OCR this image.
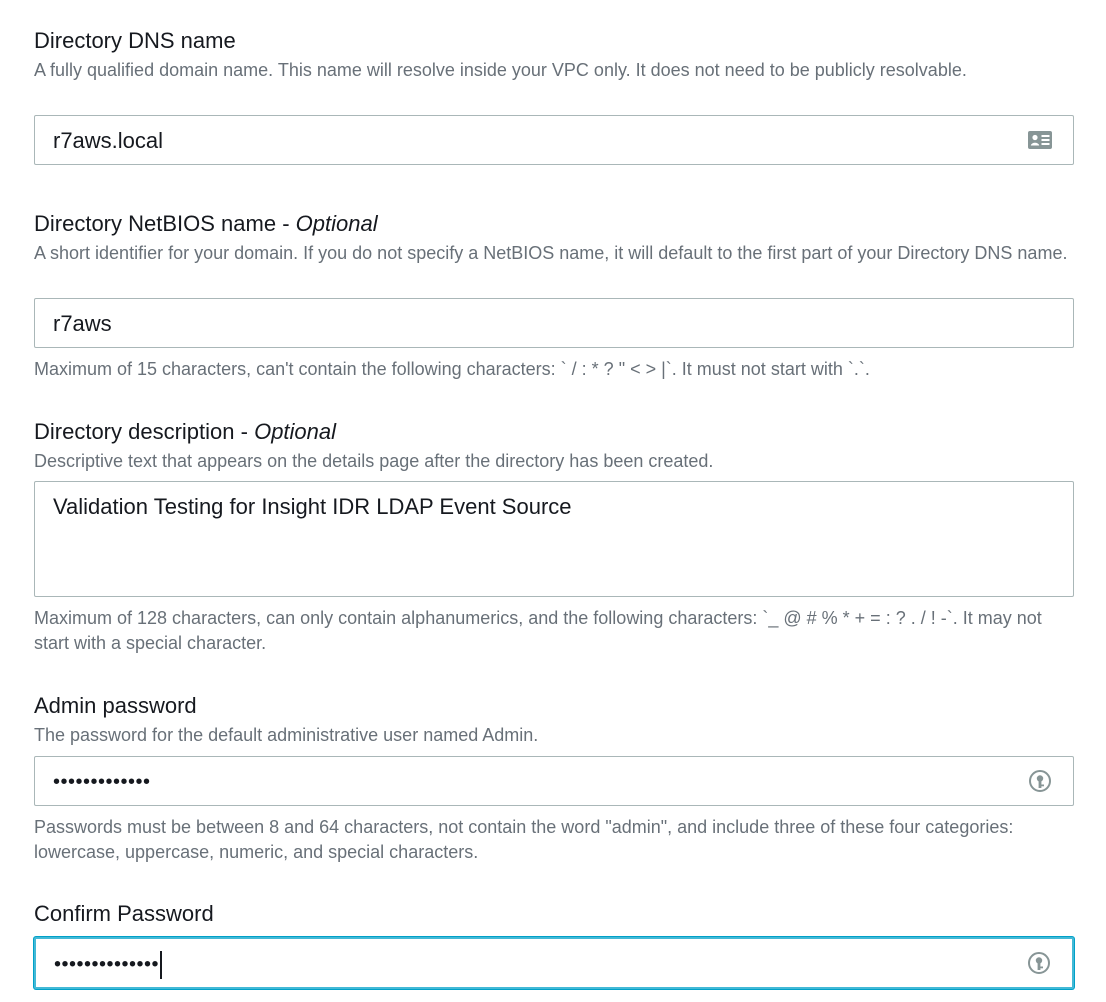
Directory DNS name
A fully qualified domain name. This name will resolve inside your VPC only. It does not need to be publicly resolvable.
r7aws.local
Directory NetBIOS name - Optional
A short identifier for your domain. If you do not specify a NetBIOS name, it will default to the first part of your Directory DNS name.
r7aws
Maximum of 15 characters, can't contain the following characters: ` / : * ? " < > |`. It must not start with `.`.
Directory description - Optional
Descriptive text that appears on the details page after the directory has been created.
Validation Testing for Insight IDR LDAP Event Source
Maximum of 128 characters, can only contain alphanumerics, and the following characters: `_ @ # % * + = : ? . / ! -`. It may not start with a special character.
Admin password
The password for the default administrative user named Admin.
•••••••••••••
Passwords must be between 8 and 64 characters, not contain the word "admin", and include three of these four categories: lowercase, uppercase, numeric, and special characters.
Confirm Password
••••••••••••••
